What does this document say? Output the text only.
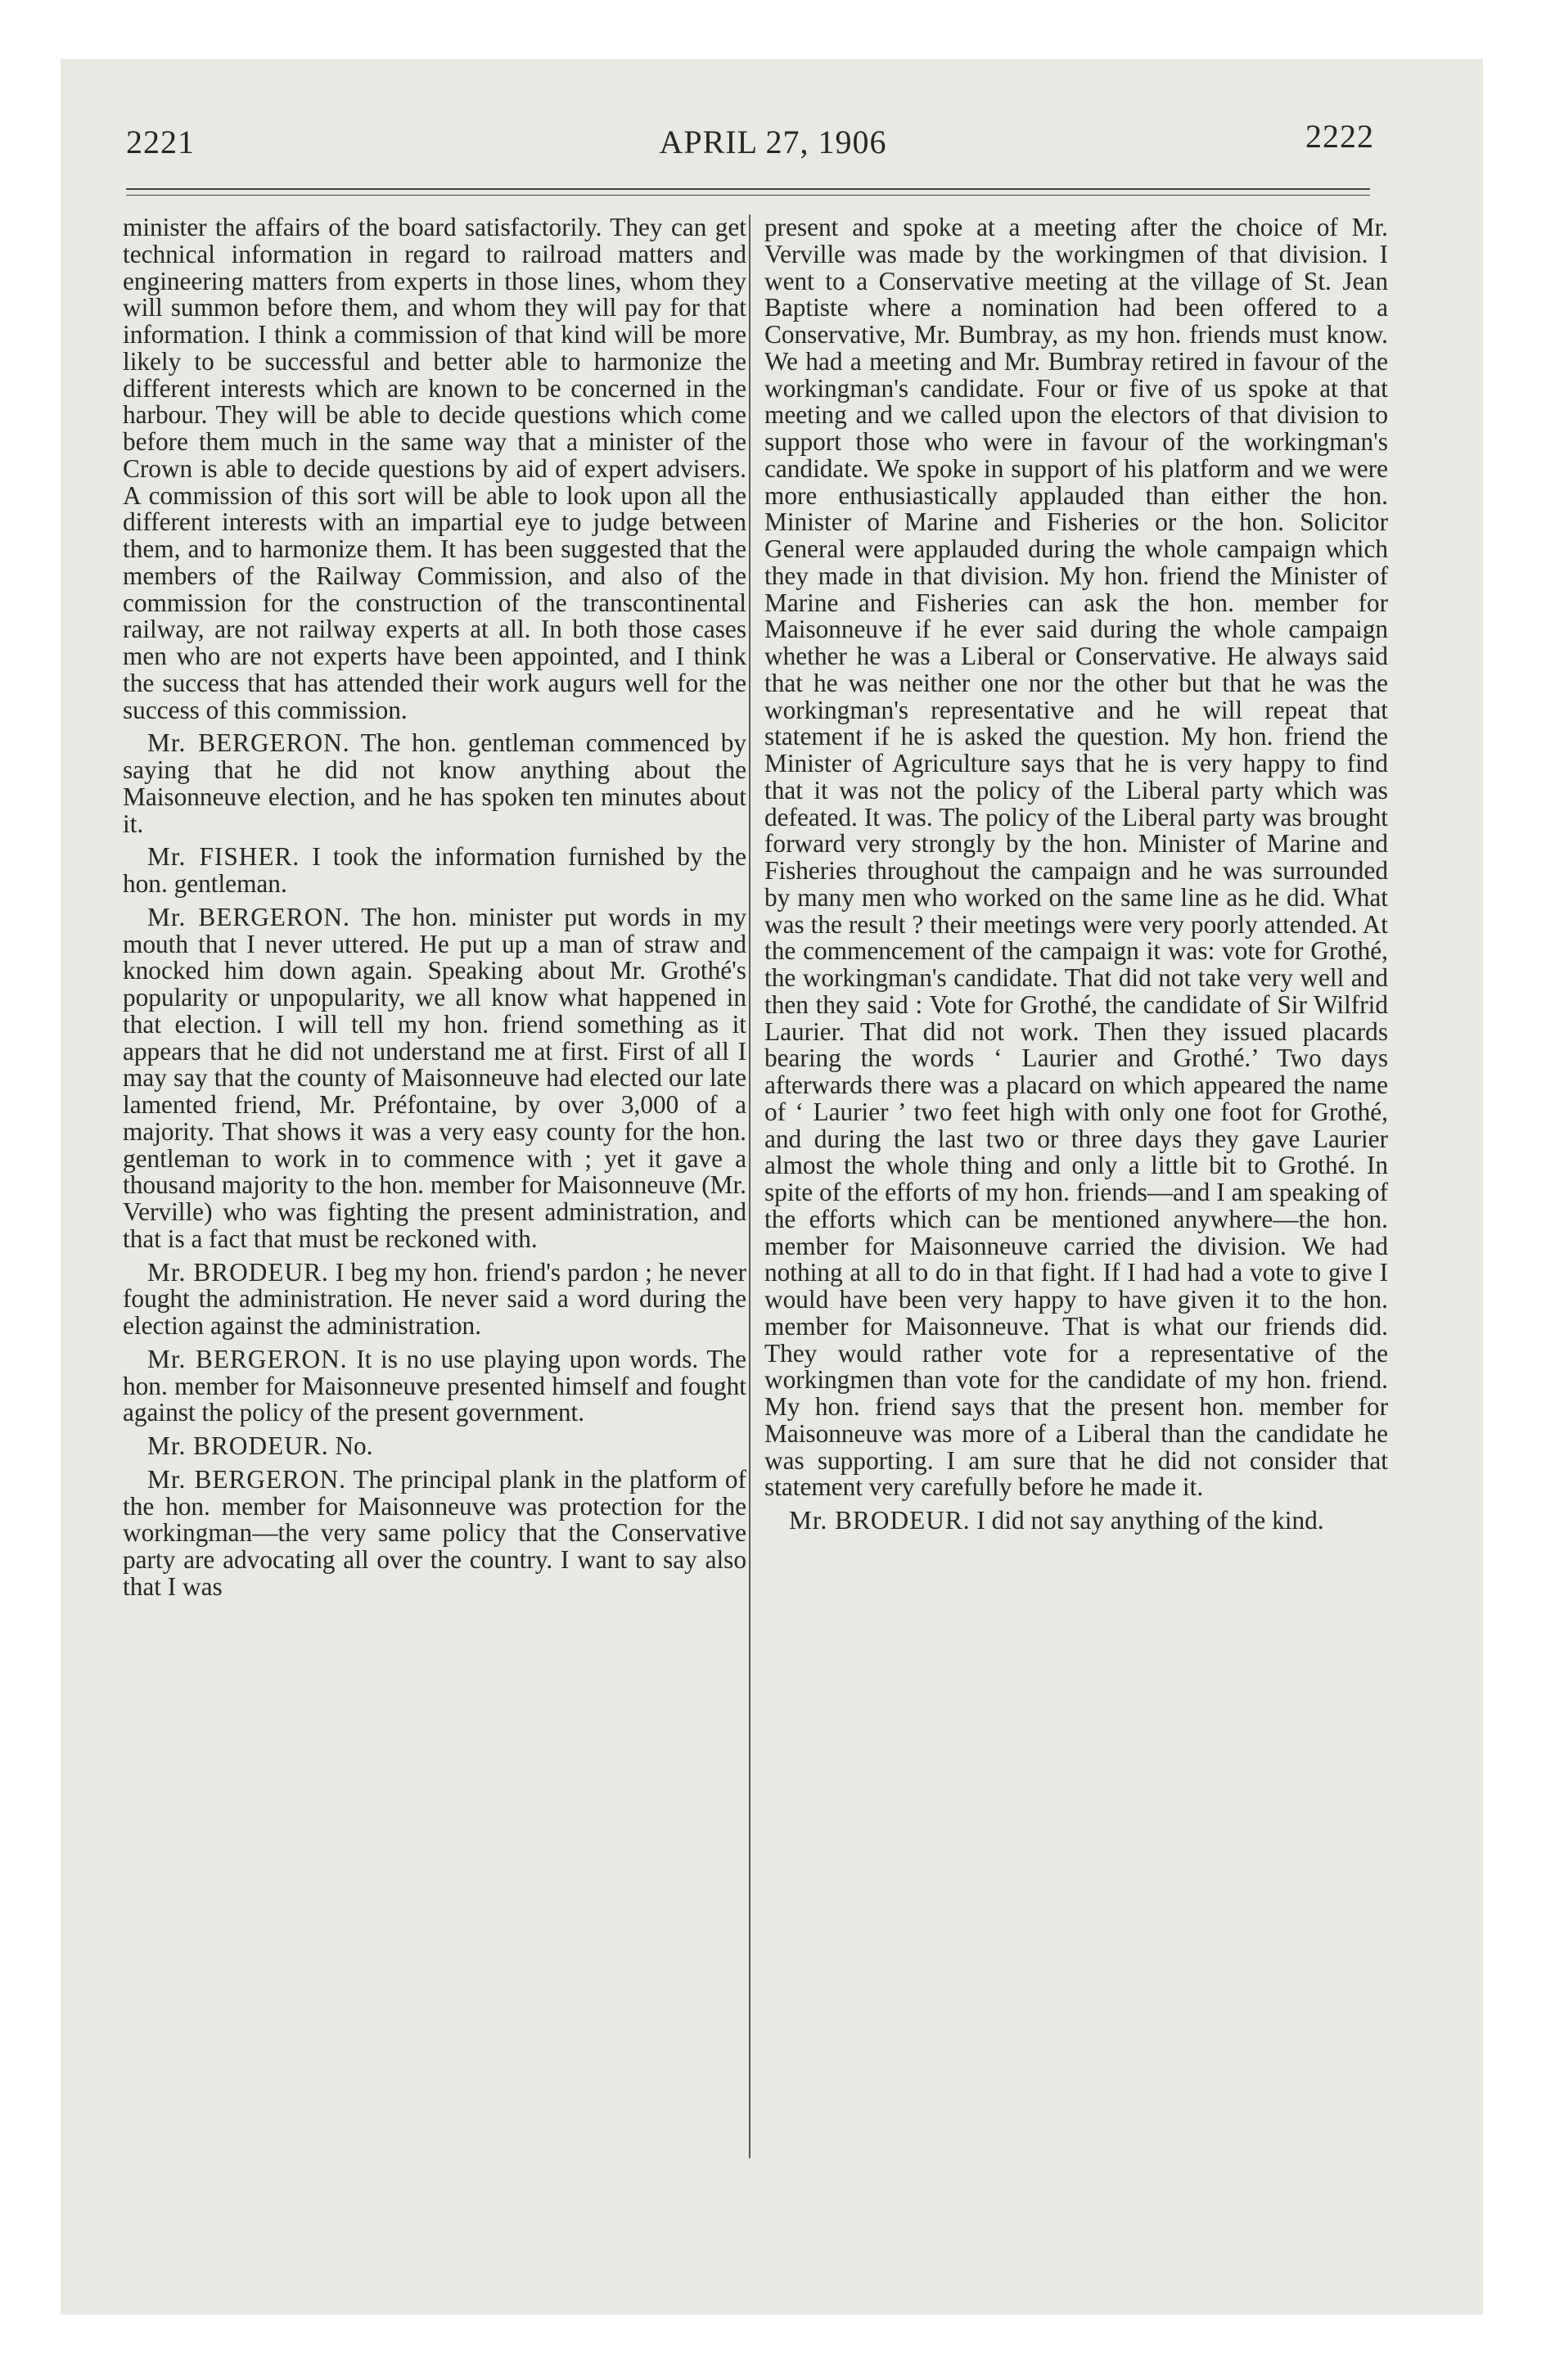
2221	APRIL 27, 1906	2222

minister the affairs of the board satisfactorily. They can get technical information in regard to railroad matters and engineering matters from experts in those lines, whom they will summon before them, and whom they will pay for that information. I think a commission of that kind will be more likely to be successful and better able to harmonize the different interests which are known to be concerned in the harbour. They will be able to decide questions which come before them much in the same way that a minister of the Crown is able to decide questions by aid of expert advisers. A commission of this sort will be able to look upon all the different interests with an impartial eye to judge between them, and to harmonize them. It has been suggested that the members of the Railway Commission, and also of the commission for the construction of the transcontinental railway, are not railway experts at all. In both those cases men who are not experts have been appointed, and I think the success that has attended their work augurs well for the success of this commission.

Mr. BERGERON. The hon. gentleman commenced by saying that he did not know anything about the Maisonneuve election, and he has spoken ten minutes about it.

Mr. FISHER. I took the information furnished by the hon. gentleman.

Mr. BERGERON. The hon. minister put words in my mouth that I never uttered. He put up a man of straw and knocked him down again. Speaking about Mr. Grothé's popularity or unpopularity, we all know what happened in that election. I will tell my hon. friend something as it appears that he did not understand me at first. First of all I may say that the county of Maisonneuve had elected our late lamented friend, Mr. Préfontaine, by over 3,000 of a majority. That shows it was a very easy county for the hon. gentleman to work in to commence with ; yet it gave a thousand majority to the hon. member for Maisonneuve (Mr. Verville) who was fighting the present administration, and that is a fact that must be reckoned with.

Mr. BRODEUR. I beg my hon. friend's pardon ; he never fought the administration. He never said a word during the election against the administration.

Mr. BERGERON. It is no use playing upon words. The hon. member for Maisonneuve presented himself and fought against the policy of the present government.

Mr. BRODEUR. No.

Mr. BERGERON. The principal plank in the platform of the hon. member for Maisonneuve was protection for the workingman—the very same policy that the Conservative party are advocating all over the country. I want to say also that I was

present and spoke at a meeting after the choice of Mr. Verville was made by the workingmen of that division. I went to a Conservative meeting at the village of St. Jean Baptiste where a nomination had been offered to a Conservative, Mr. Bumbray, as my hon. friends must know. We had a meeting and Mr. Bumbray retired in favour of the workingman's candidate. Four or five of us spoke at that meeting and we called upon the electors of that division to support those who were in favour of the workingman's candidate. We spoke in support of his platform and we were more enthusiastically applauded than either the hon. Minister of Marine and Fisheries or the hon. Solicitor General were applauded during the whole campaign which they made in that division. My hon. friend the Minister of Marine and Fisheries can ask the hon. member for Maisonneuve if he ever said during the whole campaign whether he was a Liberal or Conservative. He always said that he was neither one nor the other but that he was the workingman's representative and he will repeat that statement if he is asked the question. My hon. friend the Minister of Agriculture says that he is very happy to find that it was not the policy of the Liberal party which was defeated. It was. The policy of the Liberal party was brought forward very strongly by the hon. Minister of Marine and Fisheries throughout the campaign and he was surrounded by many men who worked on the same line as he did. What was the result ? their meetings were very poorly attended. At the commencement of the campaign it was: vote for Grothé, the workingman's candidate. That did not take very well and then they said : Vote for Grothé, the candidate of Sir Wilfrid Laurier. That did not work. Then they issued placards bearing the words ‘ Laurier and Grothé.’ Two days afterwards there was a placard on which appeared the name of ‘ Laurier ’ two feet high with only one foot for Grothé, and during the last two or three days they gave Laurier almost the whole thing and only a little bit to Grothé. In spite of the efforts of my hon. friends—and I am speaking of the efforts which can be mentioned anywhere—the hon. member for Maisonneuve carried the division. We had nothing at all to do in that fight. If I had had a vote to give I would have been very happy to have given it to the hon. member for Maisonneuve. That is what our friends did. They would rather vote for a representative of the workingmen than vote for the candidate of my hon. friend. My hon. friend says that the present hon. member for Maisonneuve was more of a Liberal than the candidate he was supporting. I am sure that he did not consider that statement very carefully before he made it.

Mr. BRODEUR. I did not say anything of the kind.
